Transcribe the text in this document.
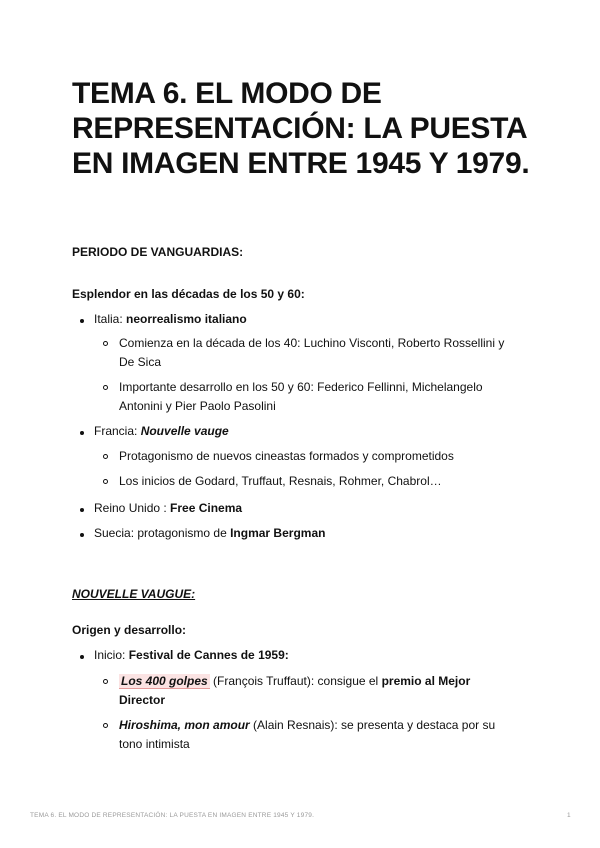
TEMA 6. EL MODO DE REPRESENTACIÓN: LA PUESTA EN IMAGEN ENTRE 1945 Y 1979.

PERIODO DE VANGUARDIAS:

Esplendor en las décadas de los 50 y 60:

Italia: neorrealismo italiano
Comienza en la década de los 40: Luchino Visconti, Roberto Rossellini y
De Sica
Importante desarrollo en los 50 y 60: Federico Fellinni, Michelangelo
Antonini y Pier Paolo Pasolini
Francia: Nouvelle vauge
Protagonismo de nuevos cineastas formados y comprometidos
Los inicios de Godard, Truffaut, Resnais, Rohmer, Chabrol…
Reino Unido : Free Cinema
Suecia: protagonismo de Ingmar Bergman

NOUVELLE VAUGUE:

Origen y desarrollo:

Inicio: Festival de Cannes de 1959:
Los 400 golpes (François Truffaut): consigue el premio al Mejor
Director
Hiroshima, mon amour (Alain Resnais): se presenta y destaca por su
tono intimista
TEMA 6. EL MODO DE REPRESENTACIÓN: LA PUESTA EN IMAGEN ENTRE 1945 Y 1979.	1
